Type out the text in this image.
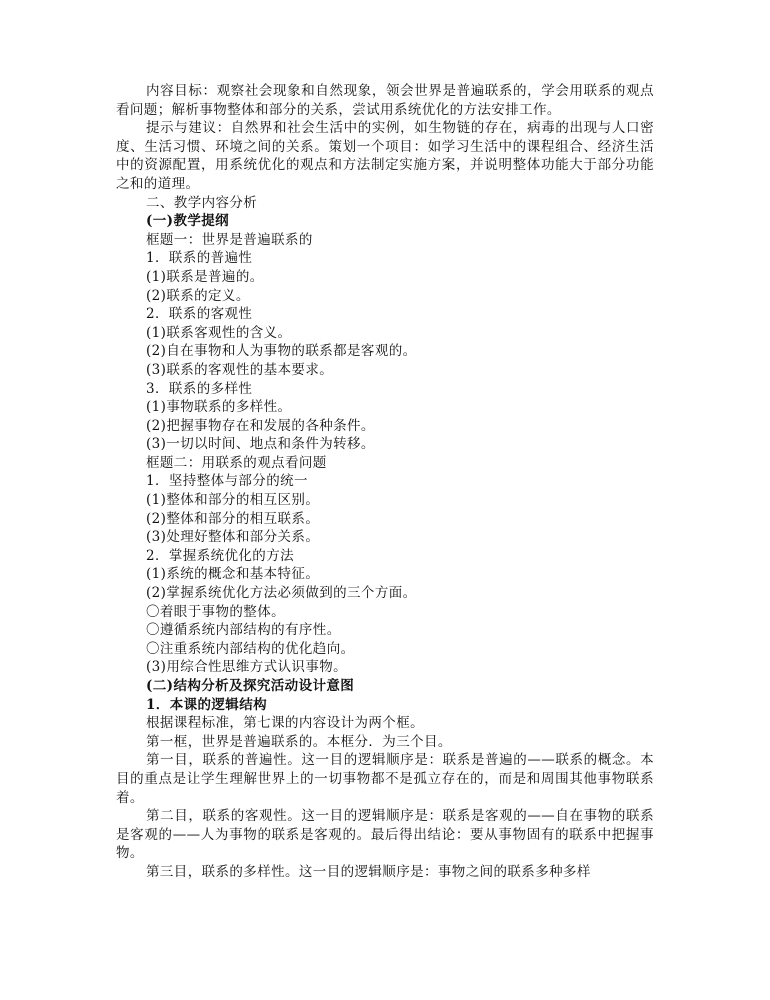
内容目标：观察社会现象和自然现象，领会世界是普遍联系的，学会用联系的观点看问题；解析事物整体和部分的关系，尝试用系统优化的方法安排工作。

提示与建议：自然界和社会生活中的实例，如生物链的存在，病毒的出现与人口密度、生活习惯、环境之间的关系。策划一个项目：如学习生活中的课程组合、经济生活中的资源配置，用系统优化的观点和方法制定实施方案，并说明整体功能大于部分功能之和的道理。

二、教学内容分析

(一)教学提纲

框题一：世界是普遍联系的

1．联系的普遍性

(1)联系是普遍的。

(2)联系的定义。

2．联系的客观性

(1)联系客观性的含义。

(2)自在事物和人为事物的联系都是客观的。

(3)联系的客观性的基本要求。

3．联系的多样性

(1)事物联系的多样性。

(2)把握事物存在和发展的各种条件。

(3)一切以时间、地点和条件为转移。

框题二：用联系的观点看问题

1．坚持整体与部分的统一

(1)整体和部分的相互区别。

(2)整体和部分的相互联系。

(3)处理好整体和部分关系。

2．掌握系统优化的方法

(1)系统的概念和基本特征。

(2)掌握系统优化方法必须做到的三个方面。

〇着眼于事物的整体。

〇遵循系统内部结构的有序性。

〇注重系统内部结构的优化趋向。

(3)用综合性思维方式认识事物。

(二)结构分析及探究活动设计意图

1．本课的逻辑结构

根据课程标准，第七课的内容设计为两个框。

第一框，世界是普遍联系的。本框分．为三个目。

第一目，联系的普遍性。这一目的逻辑顺序是：联系是普遍的——联系的概念。本目的重点是让学生理解世界上的一切事物都不是孤立存在的，而是和周围其他事物联系着。

第二目，联系的客观性。这一目的逻辑顺序是：联系是客观的——自在事物的联系是客观的——人为事物的联系是客观的。最后得出结论：要从事物固有的联系中把握事物。

第三目，联系的多样性。这一目的逻辑顺序是：事物之间的联系多种多样
